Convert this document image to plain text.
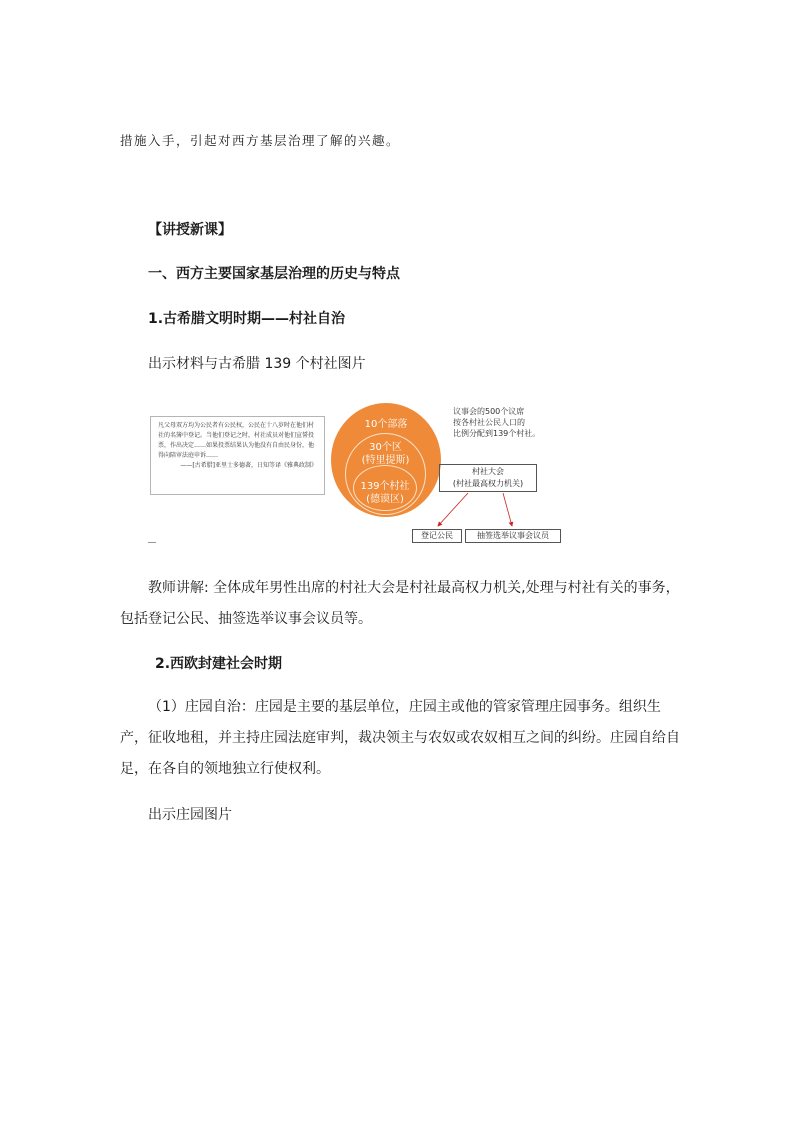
措施入手，引起对西方基层治理了解的兴趣。
【讲授新课】
一、西方主要国家基层治理的历史与特点
1.古希腊文明时期——村社自治
出示材料与古希腊 139 个村社图片
凡父母双方均为公民者有公民权，公民在十八岁时在他们村社的名簿中登记。当他们登记之时，村社成员对他们宣誓投票，作出决定……如果投票结果认为他没有自由民身份，他得向陪审法庭申诉……
——[古希腊]亚里士多德著，日知等译《雅典政制》
10个部落
30个区
(特里提斯)
139个村社
(德谟区)
议事会的500个议席
按各村社公民人口的
比例分配到139个村社。
村社大会
(村社最高权力机关)
登记公民	抽签选举议事会议员
教师讲解: 全体成年男性出席的村社大会是村社最高权力机关,处理与村社有关的事务，包括登记公民、抽签选举议事会议员等。
2.西欧封建社会时期
（1）庄园自治：庄园是主要的基层单位，庄园主或他的管家管理庄园事务。组织生产，征收地租，并主持庄园法庭审判，裁决领主与农奴或农奴相互之间的纠纷。庄园自给自足，在各自的领地独立行使权利。
出示庄园图片
